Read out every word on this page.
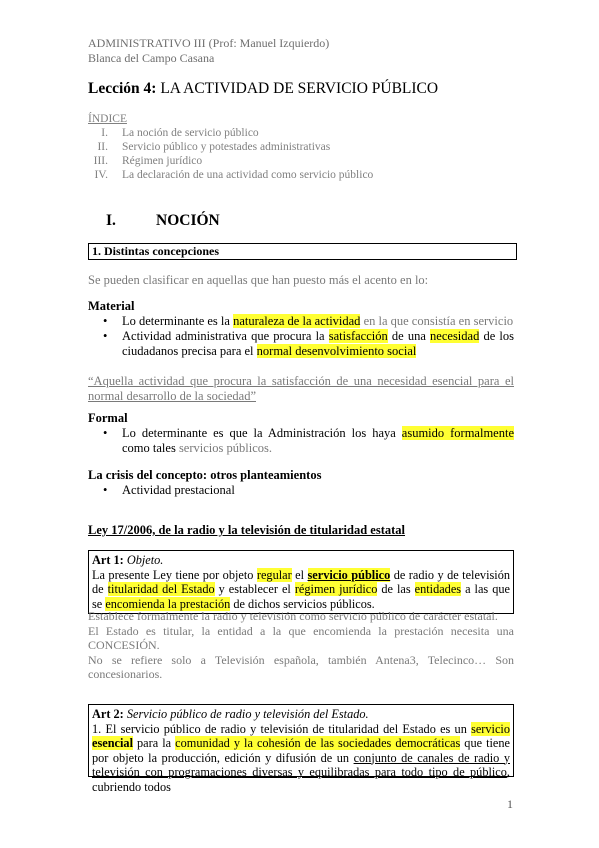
ADMINISTRATIVO III (Prof: Manuel Izquierdo)
Blanca del Campo Casana
Lección 4: LA ACTIVIDAD DE SERVICIO PÚBLICO
ÍNDICE
I. La noción de servicio público
II. Servicio público y potestades administrativas
III. Régimen jurídico
IV. La declaración de una actividad como servicio público
I.	NOCIÓN
1. Distintas concepciones
Se pueden clasificar en aquellas que han puesto más el acento en lo:
Material
• Lo determinante es la naturaleza de la actividad en la que consistía en servicio
• Actividad administrativa que procura la satisfacción de una necesidad de los ciudadanos precisa para el normal desenvolvimiento social
“Aquella actividad que procura la satisfacción de una necesidad esencial para el normal desarrollo de la sociedad”
Formal
• Lo determinante es que la Administración los haya asumido formalmente como tales servicios públicos.
La crisis del concepto: otros planteamientos
• Actividad prestacional
Ley 17/2006, de la radio y la televisión de titularidad estatal
Art 1: Objeto.
La presente Ley tiene por objeto regular el servicio público de radio y de televisión de titularidad del Estado y establecer el régimen jurídico de las entidades a las que se encomienda la prestación de dichos servicios públicos.
Establece formalmente la radio y televisión como servicio público de carácter estatal.
El Estado es titular, la entidad a la que encomienda la prestación necesita una CONCESIÓN.
No se refiere solo a Televisión española, también Antena3, Telecinco… Son concesionarios.
Art 2: Servicio público de radio y televisión del Estado.
1. El servicio público de radio y televisión de titularidad del Estado es un servicio esencial para la comunidad y la cohesión de las sociedades democráticas que tiene por objeto la producción, edición y difusión de un conjunto de canales de radio y televisión con programaciones diversas y equilibradas para todo tipo de público, cubriendo todos
1
